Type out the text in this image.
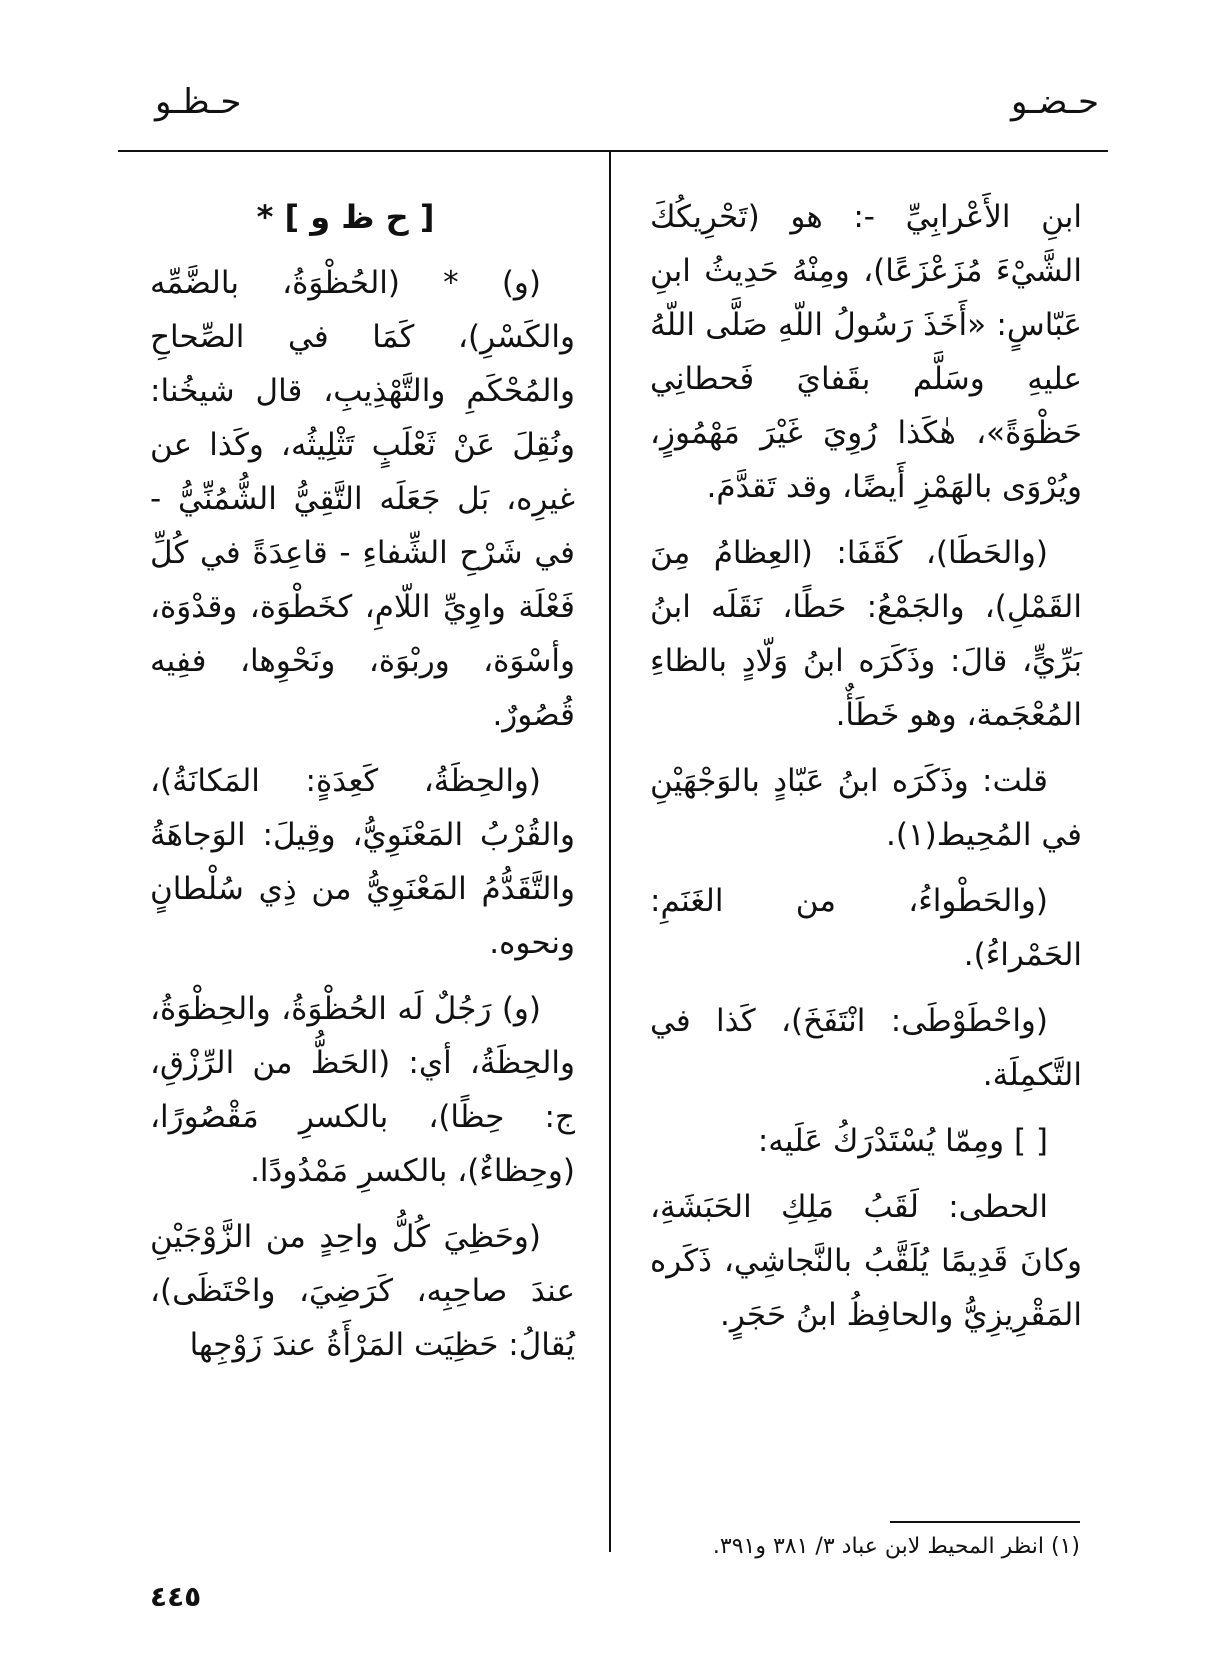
حـضـو
حـظـو

ابنِ الأَعْرابِيِّ -: هو (تَحْرِيكُكَ الشَّيْءَ مُزَعْزَعًا)، ومِنْهُ حَدِيثُ ابنِ عَبّاسٍ: «أَخَذَ رَسُولُ اللّهِ صَلَّى اللّهُ عليهِ وسَلَّم بقَفايَ فَحطانِي حَظْوَةً»، هٰكَذا رُوِيَ غَيْرَ مَهْمُوزٍ، ويُرْوَى بالهَمْزِ أَيضًا، وقد تَقدَّمَ.

(والحَطَا)، كَقَفَا: (العِظامُ مِنَ القَمْلِ)، والجَمْعُ: حَطًا، نَقَلَه ابنُ بَرِّيٍّ، قالَ: وذَكَرَه ابنُ وَلّادٍ بالظاءِ المُعْجَمة، وهو خَطَأٌ.

قلت: وذَكَرَه ابنُ عَبّادٍ بالوَجْهَيْنِ في المُحِيط(١).

(والحَطْواءُ، من الغَنَمِ: الحَمْراءُ).

(واحْطَوْطَى: انْتَفَخَ)، كَذا في التَّكمِلَة.

[ ] ومِمّا يُسْتَدْرَكُ عَلَيه:

الحطى: لَقَبُ مَلِكِ الحَبَشَةِ، وكانَ قَدِيمًا يُلَقَّبُ بالنَّجاشِي، ذَكَره المَقْرِيزِيُّ والحافِظُ ابنُ حَجَرٍ.

(١) انظر المحيط لابن عباد ٣/ ٣٨١ و٣٩١.

[ ح ظ و ] *

(و) * (الحُظْوَةُ، بالضَّمِّه والكَسْرِ)، كَمَا في الصِّحاحِ والمُحْكَمِ والتَّهْذِيبِ، قال شيخُنا: ونُقِلَ عَنْ ثَعْلَبٍ تَثْلِيثُه، وكَذا عن غيرِه، بَل جَعَلَه التَّقِيُّ الشُّمُنِّيُّ - في شَرْحِ الشِّفاءِ - قاعِدَةً في كُلِّ فَعْلَة واوِيِّ اللّامِ، كخَطْوَة، وقدْوَة، وأسْوَة، وربْوَة، ونَحْوِها، ففِيه قُصُورٌ.

(والحِظَةُ، كَعِدَةٍ: المَكانَةُ)، والقُرْبُ المَعْنَوِيُّ، وقِيلَ: الوَجاهَةُ والتَّقَدُّمُ المَعْنَوِيُّ من ذِي سُلْطانٍ ونحوه.

(و) رَجُلٌ لَه الحُظْوَةُ، والحِظْوَةُ، والحِظَةُ، أي: (الحَظُّ من الرِّزْقِ، ج: حِظًا)، بالكسرِ مَقْصُورًا، (وحِظاءٌ)، بالكسرِ مَمْدُودًا.

(وحَظِيَ كُلُّ واحِدٍ من الزَّوْجَيْنِ عندَ صاحِبِه، كَرَضِيَ، واحْتَظَى)، يُقالُ: حَظِيَت المَرْأَةُ عندَ زَوْجِها

٤٤٥
